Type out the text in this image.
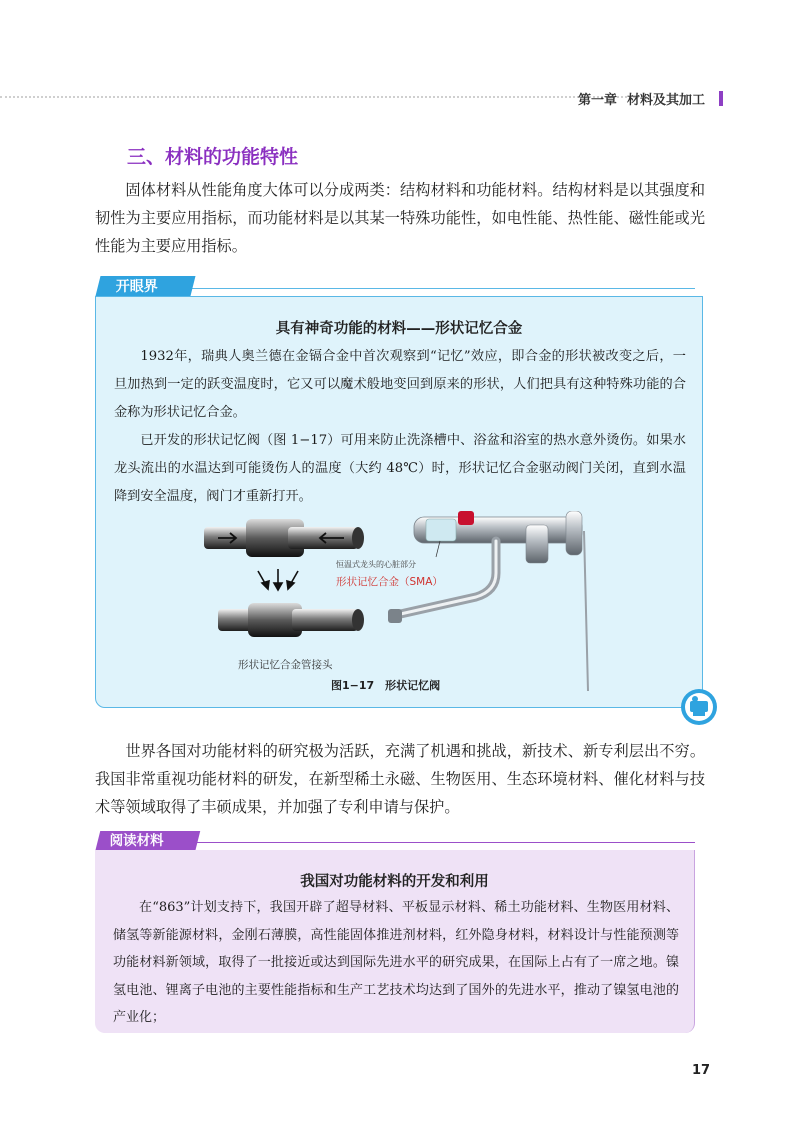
第一章 材料及其加工
三、材料的功能特性

固体材料从性能角度大体可以分成两类：结构材料和功能材料。结构材料是以其强度和韧性为主要应用指标，而功能材料是以其某一特殊功能性，如电性能、热性能、磁性能或光性能为主要应用指标。

开眼界
具有神奇功能的材料——形状记忆合金

1932年，瑞典人奥兰德在金镉合金中首次观察到“记忆”效应，即合金的形状被改变之后，一旦加热到一定的跃变温度时，它又可以魔术般地变回到原来的形状，人们把具有这种特殊功能的合金称为形状记忆合金。

已开发的形状记忆阀（图 1−17）可用来防止洗涤槽中、浴盆和浴室的热水意外烫伤。如果水龙头流出的水温达到可能烫伤人的温度（大约 48℃）时，形状记忆合金驱动阀门关闭，直到水温降到安全温度，阀门才重新打开。

形状记忆合金管接头
恒温式龙头的心脏部分
形状记忆合金（SMA）
图1−17　形状记忆阀

世界各国对功能材料的研究极为活跃，充满了机遇和挑战，新技术、新专利层出不穷。我国非常重视功能材料的研发，在新型稀土永磁、生物医用、生态环境材料、催化材料与技术等领域取得了丰硕成果，并加强了专利申请与保护。

阅读材料
我国对功能材料的开发和利用

在“863”计划支持下，我国开辟了超导材料、平板显示材料、稀土功能材料、生物医用材料、储氢等新能源材料，金刚石薄膜，高性能固体推进剂材料，红外隐身材料，材料设计与性能预测等功能材料新领域，取得了一批接近或达到国际先进水平的研究成果，在国际上占有了一席之地。镍氢电池、锂离子电池的主要性能指标和生产工艺技术均达到了国外的先进水平，推动了镍氢电池的产业化；

17
